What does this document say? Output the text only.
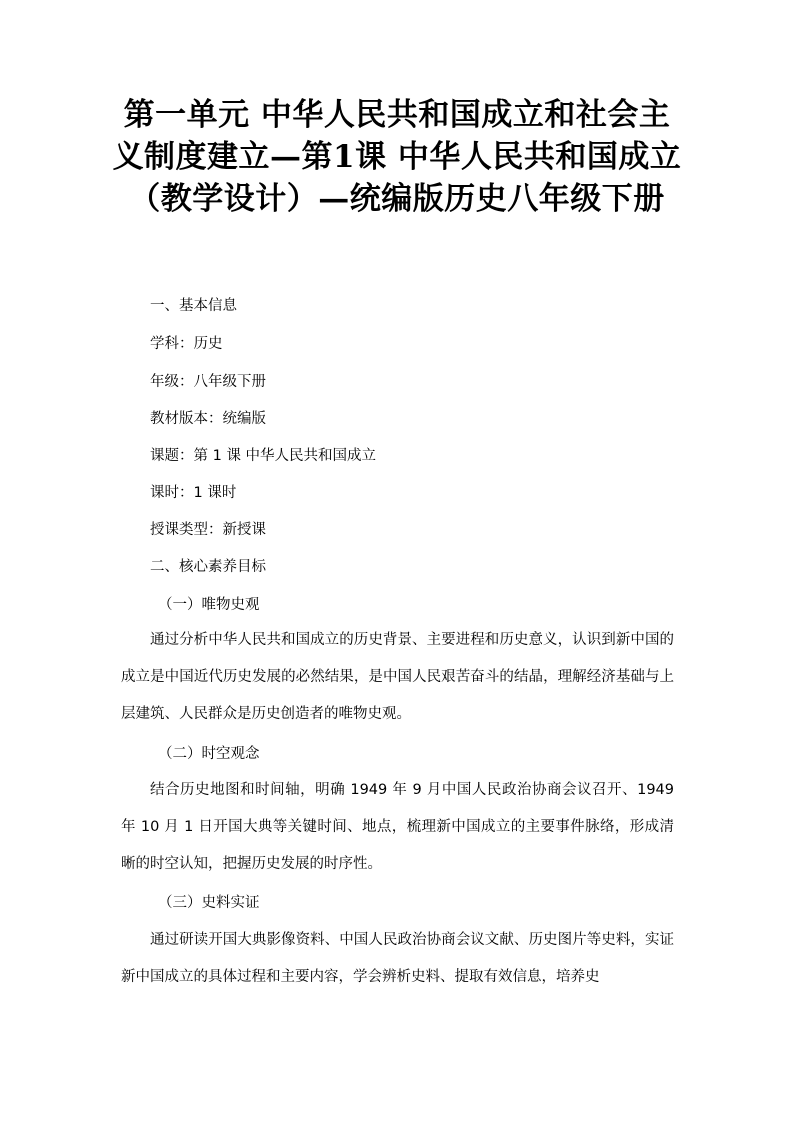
第一单元 中华人民共和国成立和社会主义制度建立—第1课 中华人民共和国成立（教学设计）—统编版历史八年级下册
一、基本信息
学科：历史
年级：八年级下册
教材版本：统编版
课题：第 1 课 中华人民共和国成立
课时：1 课时
授课类型：新授课
二、核心素养目标
（一）唯物史观
通过分析中华人民共和国成立的历史背景、主要进程和历史意义，认识到新中国的成立是中国近代历史发展的必然结果，是中国人民艰苦奋斗的结晶，理解经济基础与上层建筑、人民群众是历史创造者的唯物史观。
（二）时空观念
结合历史地图和时间轴，明确 1949 年 9 月中国人民政治协商会议召开、1949 年 10 月 1 日开国大典等关键时间、地点，梳理新中国成立的主要事件脉络，形成清晰的时空认知，把握历史发展的时序性。
（三）史料实证
通过研读开国大典影像资料、中国人民政治协商会议文献、历史图片等史料，实证新中国成立的具体过程和主要内容，学会辨析史料、提取有效信息，培养史
